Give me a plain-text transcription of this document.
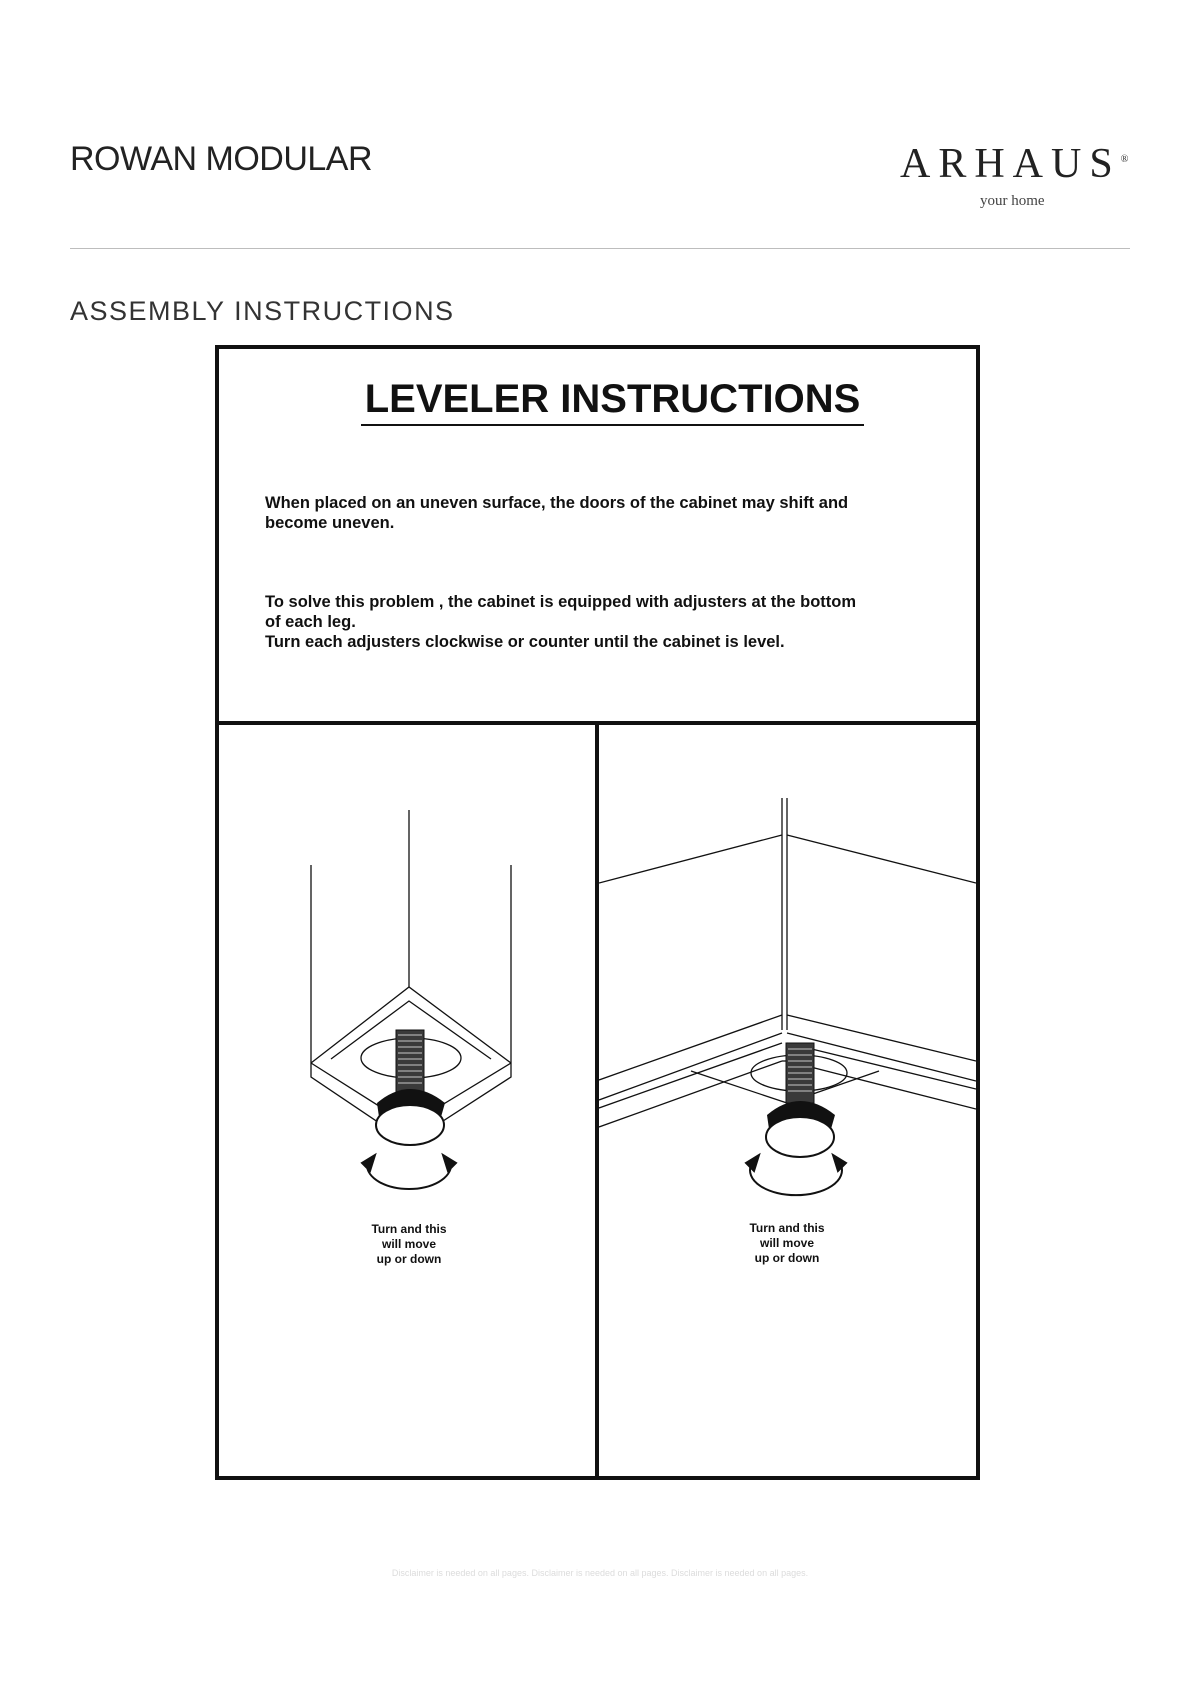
ROWAN MODULAR	ARHAUS®
your home
ASSEMBLY INSTRUCTIONS
LEVELER INSTRUCTIONS
When placed on an uneven surface, the doors of the cabinet may shift and become uneven.
To solve this problem , the cabinet is equipped with adjusters at the bottom of each leg.
Turn each adjusters clockwise or counter until the cabinet is level.
Turn and this
will move
up or down
Turn and this
will move
up or down
Disclaimer is needed on all pages. Disclaimer is needed on all pages. Disclaimer is needed on all pages.
